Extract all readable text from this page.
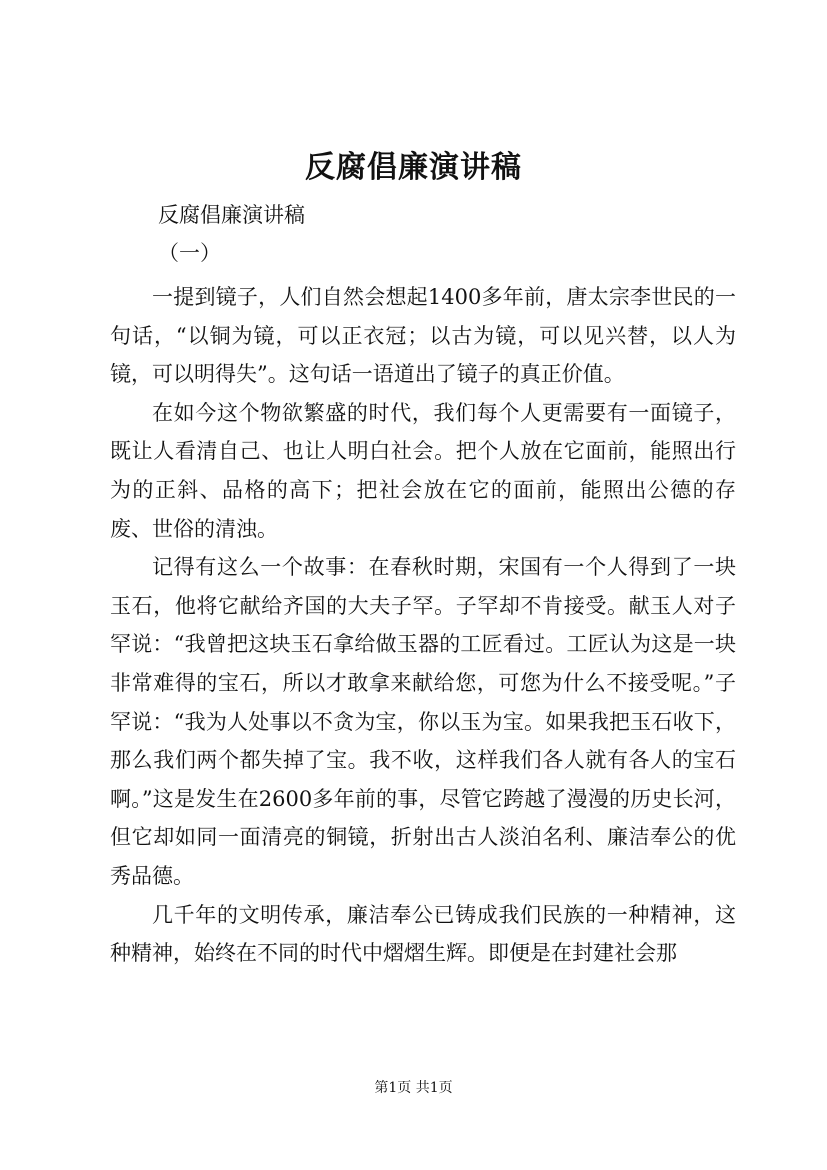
反腐倡廉演讲稿
反腐倡廉演讲稿
（一）

一提到镜子，人们自然会想起1400多年前，唐太宗李世民的一句话，“以铜为镜，可以正衣冠；以古为镜，可以见兴替，以人为镜，可以明得失”。这句话一语道出了镜子的真正价值。

在如今这个物欲繁盛的时代，我们每个人更需要有一面镜子，既让人看清自己、也让人明白社会。把个人放在它面前，能照出行为的正斜、品格的高下；把社会放在它的面前，能照出公德的存废、世俗的清浊。

记得有这么一个故事：在春秋时期，宋国有一个人得到了一块玉石，他将它献给齐国的大夫子罕。子罕却不肯接受。献玉人对子罕说：“我曾把这块玉石拿给做玉器的工匠看过。工匠认为这是一块非常难得的宝石，所以才敢拿来献给您，可您为什么不接受呢。”子罕说：“我为人处事以不贪为宝，你以玉为宝。如果我把玉石收下，那么我们两个都失掉了宝。我不收，这样我们各人就有各人的宝石啊。”这是发生在2600多年前的事，尽管它跨越了漫漫的历史长河，但它却如同一面清亮的铜镜，折射出古人淡泊名利、廉洁奉公的优秀品德。

几千年的文明传承，廉洁奉公已铸成我们民族的一种精神，这种精神，始终在不同的时代中熠熠生辉。即便是在封建社会那

第1页 共1页
